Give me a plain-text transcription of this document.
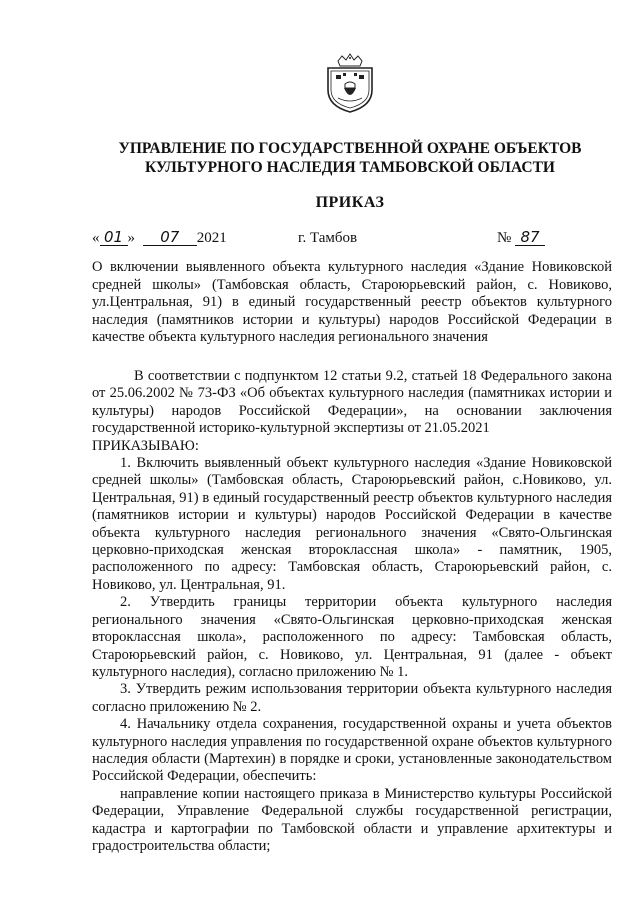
УПРАВЛЕНИЕ ПО ГОСУДАРСТВЕННОЙ ОХРАНЕ ОБЪЕКТОВ
КУЛЬТУРНОГО НАСЛЕДИЯ ТАМБОВСКОЙ ОБЛАСТИ
ПРИКАЗ
« 01 » 07 2021	г. Тамбов	№ 87
О включении выявленного объекта культурного наследия «Здание Новиковской средней школы» (Тамбовская область, Староюрьевский район, с. Новиково, ул.Центральная, 91) в единый государственный реестр объектов культурного наследия (памятников истории и культуры) народов Российской Федерации в качестве объекта культурного наследия регионального значения

В соответствии с подпунктом 12 статьи 9.2, статьей 18 Федерального закона от 25.06.2002 № 73-ФЗ «Об объектах культурного наследия (памятниках истории и культуры) народов Российской Федерации», на основании заключения государственной историко-культурной экспертизы от 21.05.2021

ПРИКАЗЫВАЮ:

1. Включить выявленный объект культурного наследия «Здание Новиковской средней школы» (Тамбовская область, Староюрьевский район, с.Новиково, ул. Центральная, 91) в единый государственный реестр объектов культурного наследия (памятников истории и культуры) народов Российской Федерации в качестве объекта культурного наследия регионального значения «Свято-Ольгинская церковно-приходская женская второклассная школа» - памятник, 1905, расположенного по адресу: Тамбовская область, Староюрьевский район, с. Новиково, ул. Центральная, 91.

2. Утвердить границы территории объекта культурного наследия регионального значения «Свято-Ольгинская церковно-приходская женская второклассная школа», расположенного по адресу: Тамбовская область, Староюрьевский район, с. Новиково, ул. Центральная, 91 (далее - объект культурного наследия), согласно приложению № 1.

3. Утвердить режим использования территории объекта культурного наследия согласно приложению № 2.

4. Начальнику отдела сохранения, государственной охраны и учета объектов культурного наследия управления по государственной охране объектов культурного наследия области (Мартехин) в порядке и сроки, установленные законодательством Российской Федерации, обеспечить:

направление копии настоящего приказа в Министерство культуры Российской Федерации, Управление Федеральной службы государственной регистрации, кадастра и картографии по Тамбовской области и управление архитектуры и градостроительства области;
